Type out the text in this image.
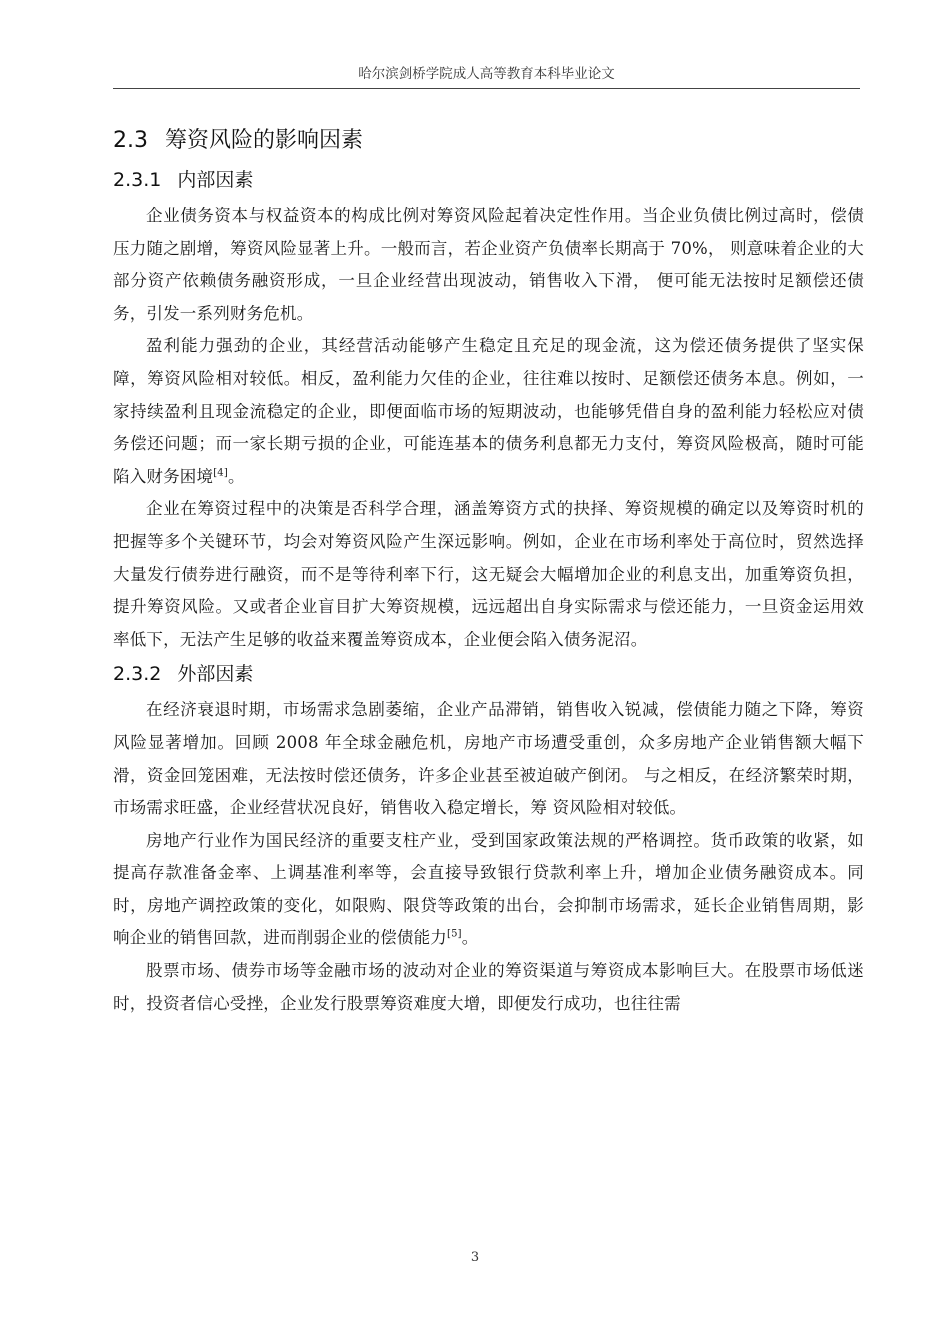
哈尔滨剑桥学院成人高等教育本科毕业论文
2.3 筹资风险的影响因素
2.3.1 内部因素

企业债务资本与权益资本的构成比例对筹资风险起着决定性作用。当企业负债比例过高时，偿债压力随之剧增，筹资风险显著上升。一般而言，若企业资产负债率长期高于 70%， 则意味着企业的大部分资产依赖债务融资形成，一旦企业经营出现波动，销售收入下滑， 便可能无法按时足额偿还债务，引发一系列财务危机。

盈利能力强劲的企业，其经营活动能够产生稳定且充足的现金流，这为偿还债务提供了坚实保障，筹资风险相对较低。相反，盈利能力欠佳的企业，往往难以按时、足额偿还债务本息。例如，一家持续盈利且现金流稳定的企业，即便面临市场的短期波动，也能够凭借自身的盈利能力轻松应对债务偿还问题；而一家长期亏损的企业，可能连基本的债务利息都无力支付，筹资风险极高，随时可能陷入财务困境[4]。

企业在筹资过程中的决策是否科学合理，涵盖筹资方式的抉择、筹资规模的确定以及筹资时机的把握等多个关键环节，均会对筹资风险产生深远影响。例如，企业在市场利率处于高位时，贸然选择大量发行债券进行融资，而不是等待利率下行，这无疑会大幅增加企业的利息支出，加重筹资负担，提升筹资风险。又或者企业盲目扩大筹资规模，远远超出自身实际需求与偿还能力，一旦资金运用效率低下，无法产生足够的收益来覆盖筹资成本，企业便会陷入债务泥沼。

2.3.2 外部因素

在经济衰退时期，市场需求急剧萎缩，企业产品滞销，销售收入锐减，偿债能力随之下降，筹资风险显著增加。回顾 2008 年全球金融危机，房地产市场遭受重创，众多房地产企业销售额大幅下滑，资金回笼困难，无法按时偿还债务，许多企业甚至被迫破产倒闭。 与之相反，在经济繁荣时期，市场需求旺盛，企业经营状况良好，销售收入稳定增长，筹 资风险相对较低。

房地产行业作为国民经济的重要支柱产业，受到国家政策法规的严格调控。货币政策的收紧，如提高存款准备金率、上调基准利率等，会直接导致银行贷款利率上升，增加企业债务融资成本。同时，房地产调控政策的变化，如限购、限贷等政策的出台，会抑制市场需求，延长企业销售周期，影响企业的销售回款，进而削弱企业的偿债能力[5]。

股票市场、债券市场等金融市场的波动对企业的筹资渠道与筹资成本影响巨大。在股票市场低迷时，投资者信心受挫，企业发行股票筹资难度大增，即便发行成功，也往往需

3
